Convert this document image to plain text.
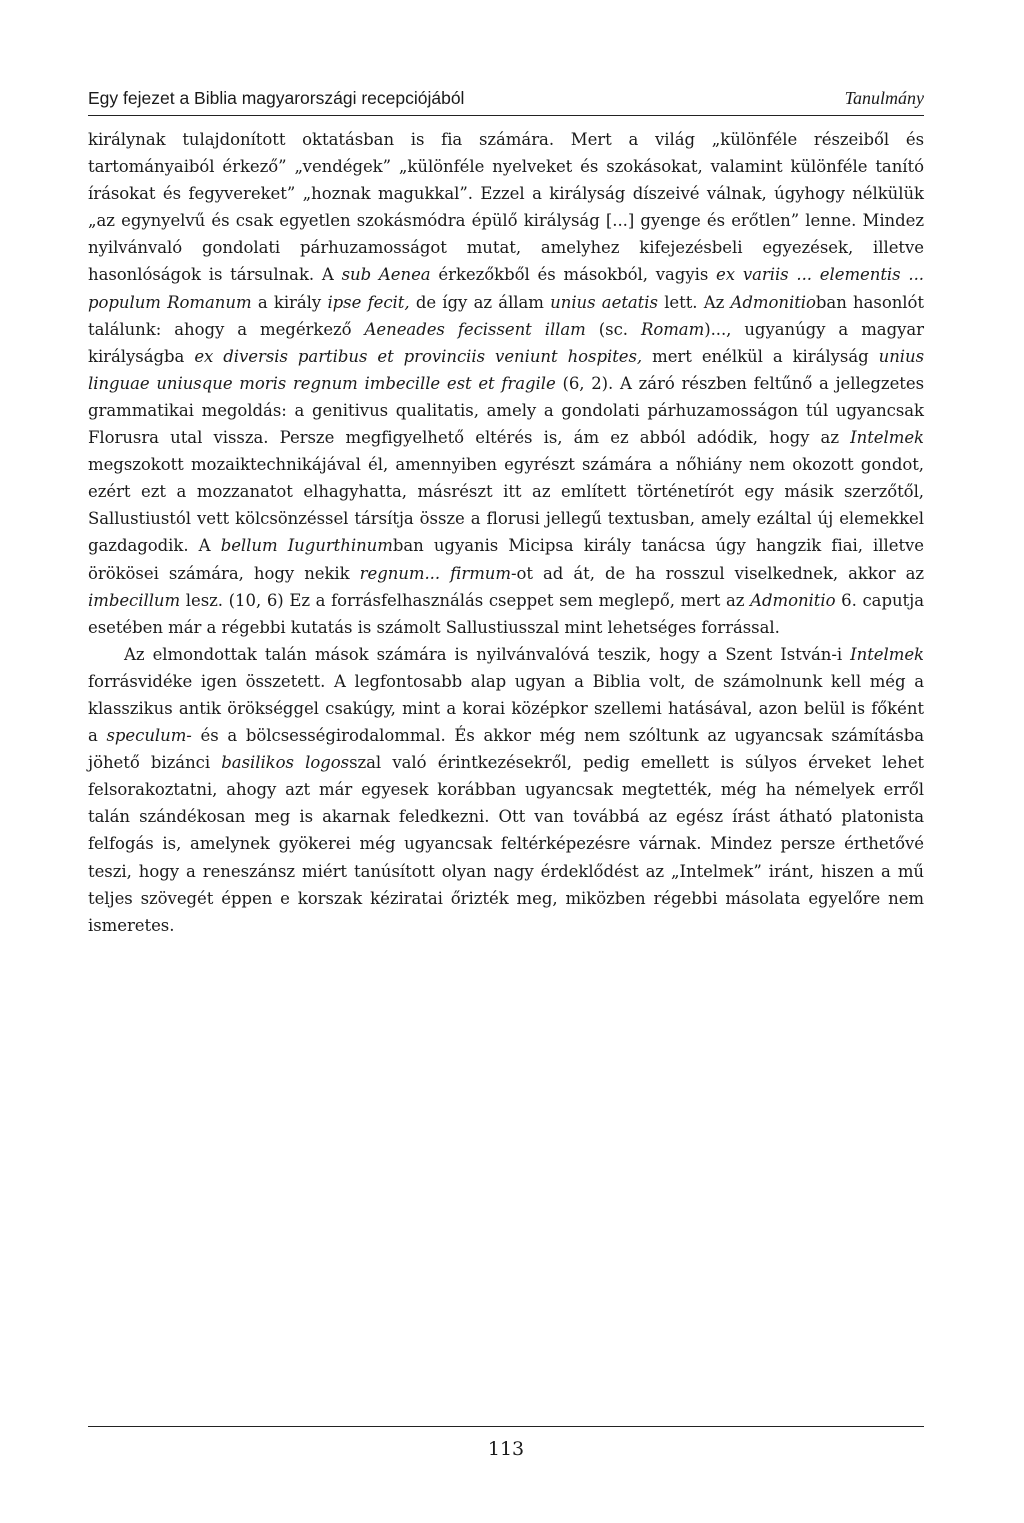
Egy fejezet a Biblia magyarországi recepciójából	Tanulmány

királynak tulajdonított oktatásban is fia számára. Mert a világ „különféle részeiből és tartományaiból érkező” „vendégek” „különféle nyelveket és szokásokat, valamint különféle tanító írásokat és fegyvereket” „hoznak magukkal”. Ezzel a királyság díszeivé válnak, úgyhogy nélkülük „az egynyelvű és csak egyetlen szokásmódra épülő királyság [...] gyenge és erőtlen” lenne. Mindez nyilvánvaló gondolati párhuzamosságot mutat, amelyhez kifejezésbeli egyezések, illetve hasonlóságok is társulnak. A sub Aenea érkezőkből és másokból, vagyis ex variis ... elementis ... populum Romanum a király ipse fecit, de így az állam unius aetatis lett. Az Admonitioban hasonlót találunk: ahogy a megérkező Aeneades fecissent illam (sc. Romam)..., ugyanúgy a magyar királyságba ex diversis partibus et provinciis veniunt hospites, mert enélkül a királyság unius linguae uniusque moris regnum imbecille est et fragile (6, 2). A záró részben feltűnő a jellegzetes grammatikai megoldás: a genitivus qualitatis, amely a gondolati párhuzamosságon túl ugyancsak Florusra utal vissza. Persze megfigyelhető eltérés is, ám ez abból adódik, hogy az Intelmek megszokott mozaiktechnikájával él, amennyiben egyrészt számára a nőhiány nem okozott gondot, ezért ezt a mozzanatot elhagyhatta, másrészt itt az említett történetírót egy másik szerzőtől, Sallustiustól vett kölcsönzéssel társítja össze a florusi jellegű textusban, amely ezáltal új elemekkel gazdagodik. A bellum Iugurthinumban ugyanis Micipsa király tanácsa úgy hangzik fiai, illetve örökösei számára, hogy nekik regnum... firmum-ot ad át, de ha rosszul viselkednek, akkor az imbecillum lesz. (10, 6) Ez a forrásfelhasználás cseppet sem meglepő, mert az Admonitio 6. caputja esetében már a régebbi kutatás is számolt Sallustiusszal mint lehetséges forrással.

Az elmondottak talán mások számára is nyilvánvalóvá teszik, hogy a Szent István-i Intelmek forrásvidéke igen összetett. A legfontosabb alap ugyan a Biblia volt, de számolnunk kell még a klasszikus antik örökséggel csakúgy, mint a korai középkor szellemi hatásával, azon belül is főként a speculum- és a bölcsességirodalommal. És akkor még nem szóltunk az ugyancsak számításba jöhető bizánci basilikos logosszal való érintkezésekről, pedig emellett is súlyos érveket lehet felsorakoztatni, ahogy azt már egyesek korábban ugyancsak megtették, még ha némelyek erről talán szándékosan meg is akarnak feledkezni. Ott van továbbá az egész írást átható platonista felfogás is, amelynek gyökerei még ugyancsak feltérképezésre várnak. Mindez persze érthetővé teszi, hogy a reneszánsz miért tanúsított olyan nagy érdeklődést az „Intelmek” iránt, hiszen a mű teljes szövegét éppen e korszak kéziratai őrizték meg, miközben régebbi másolata egyelőre nem ismeretes.

113
